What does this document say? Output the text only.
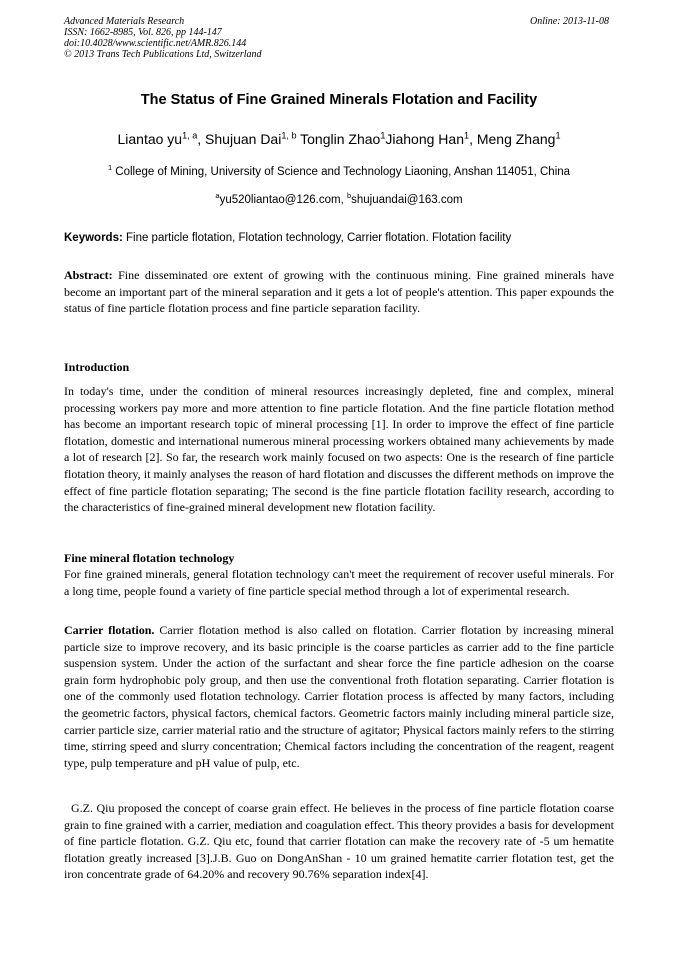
Advanced Materials Research
ISSN: 1662-8985, Vol. 826, pp 144-147
doi:10.4028/www.scientific.net/AMR.826.144
© 2013 Trans Tech Publications Ltd, Switzerland
Online: 2013-11-08
The Status of Fine Grained Minerals Flotation and Facility
Liantao yu$^{1, a}$, Shujuan Dai$^{1, b}$ Tonglin Zhao$^1$Jiahong Han$^1$, Meng Zhang$^1$
$^1$ College of Mining, University of Science and Technology Liaoning, Anshan 114051, China
$^a$yu520liantao@126.com, $^b$shujuandai@163.com
Keywords: Fine particle flotation, Flotation technology, Carrier flotation. Flotation facility
Abstract: Fine disseminated ore extent of growing with the continuous mining. Fine grained minerals have become an important part of the mineral separation and it gets a lot of people's attention. This paper expounds the status of fine particle flotation process and fine particle separation facility.
Introduction
In today's time, under the condition of mineral resources increasingly depleted, fine and complex, mineral processing workers pay more and more attention to fine particle flotation. And the fine particle flotation method has become an important research topic of mineral processing [1]. In order to improve the effect of fine particle flotation, domestic and international numerous mineral processing workers obtained many achievements by made a lot of research [2]. So far, the research work mainly focused on two aspects: One is the research of fine particle flotation theory, it mainly analyses the reason of hard flotation and discusses the different methods on improve the effect of fine particle flotation separating; The second is the fine particle flotation facility research, according to the characteristics of fine-grained mineral development new flotation facility.
Fine mineral flotation technology
For fine grained minerals, general flotation technology can't meet the requirement of recover useful minerals. For a long time, people found a variety of fine particle special method through a lot of experimental research.
Carrier flotation. Carrier flotation method is also called on flotation. Carrier flotation by increasing mineral particle size to improve recovery, and its basic principle is the coarse particles as carrier add to the fine particle suspension system. Under the action of the surfactant and shear force the fine particle adhesion on the coarse grain form hydrophobic poly group, and then use the conventional froth flotation separating. Carrier flotation is one of the commonly used flotation technology. Carrier flotation process is affected by many factors, including the geometric factors, physical factors, chemical factors. Geometric factors mainly including mineral particle size, carrier particle size, carrier material ratio and the structure of agitator; Physical factors mainly refers to the stirring time, stirring speed and slurry concentration; Chemical factors including the concentration of the reagent, reagent type, pulp temperature and pH value of pulp, etc.
G.Z. Qiu proposed the concept of coarse grain effect. He believes in the process of fine particle flotation coarse grain to fine grained with a carrier, mediation and coagulation effect. This theory provides a basis for development of fine particle flotation. G.Z. Qiu etc, found that carrier flotation can make the recovery rate of -5 um hematite flotation greatly increased [3].J.B. Guo on DongAnShan - 10 um grained hematite carrier flotation test, get the iron concentrate grade of 64.20% and recovery 90.76% separation index[4].
